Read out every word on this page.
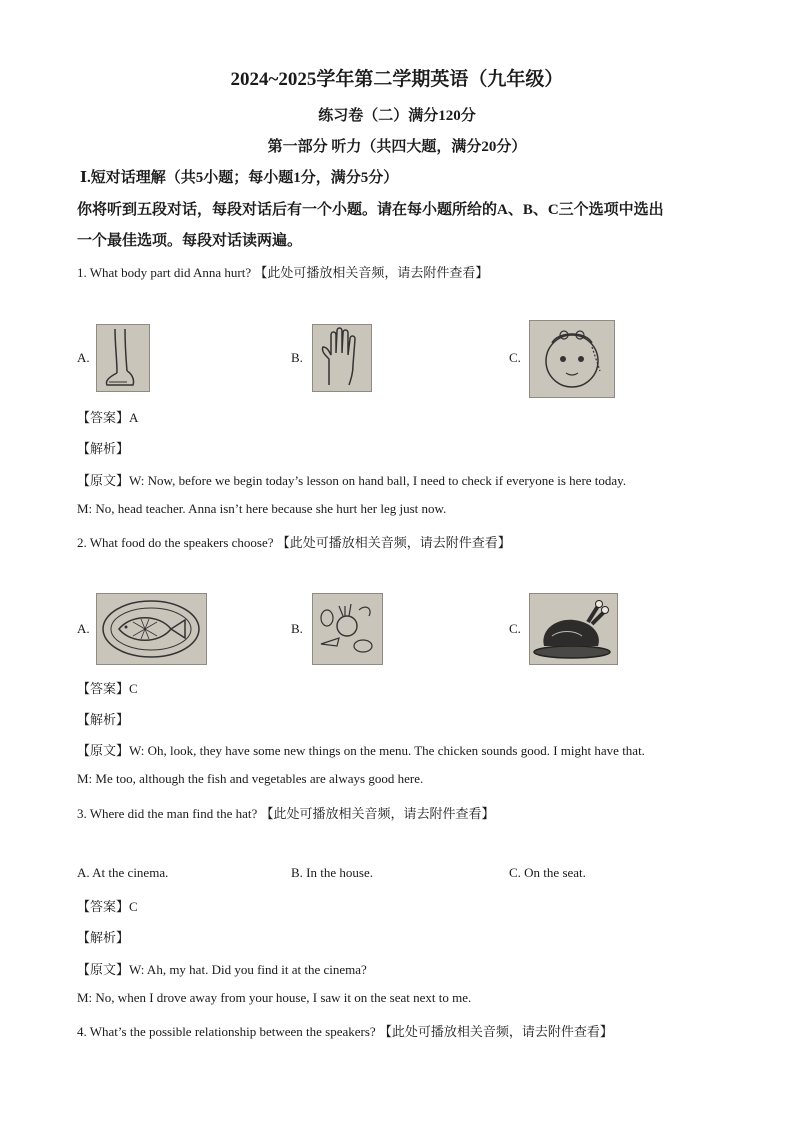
2024~2025学年第二学期英语（九年级）
练习卷（二）满分120分
第一部分 听力（共四大题，满分20分）
Ⅰ.短对话理解（共5小题；每小题1分，满分5分）
你将听到五段对话，每段对话后有一个小题。请在每小题所给的A、B、C三个选项中选出
一个最佳选项。每段对话读两遍。
1. What body part did Anna hurt? 【此处可播放相关音频，请去附件查看】
A.	B.	C.
【答案】A
【解析】
【原文】W: Now, before we begin today’s lesson on hand ball, I need to check if everyone is here today.
M: No, head teacher. Anna isn’t here because she hurt her leg just now.
2. What food do the speakers choose? 【此处可播放相关音频，请去附件查看】
A.	B.	C.
【答案】C
【解析】
【原文】W: Oh, look, they have some new things on the menu. The chicken sounds good. I might have that.
M: Me too, although the fish and vegetables are always good here.
3. Where did the man find the hat? 【此处可播放相关音频，请去附件查看】
A. At the cinema.	B. In the house.	C. On the seat.
【答案】C
【解析】
【原文】W: Ah, my hat. Did you find it at the cinema?
M: No, when I drove away from your house, I saw it on the seat next to me.
4. What’s the possible relationship between the speakers? 【此处可播放相关音频，请去附件查看】
